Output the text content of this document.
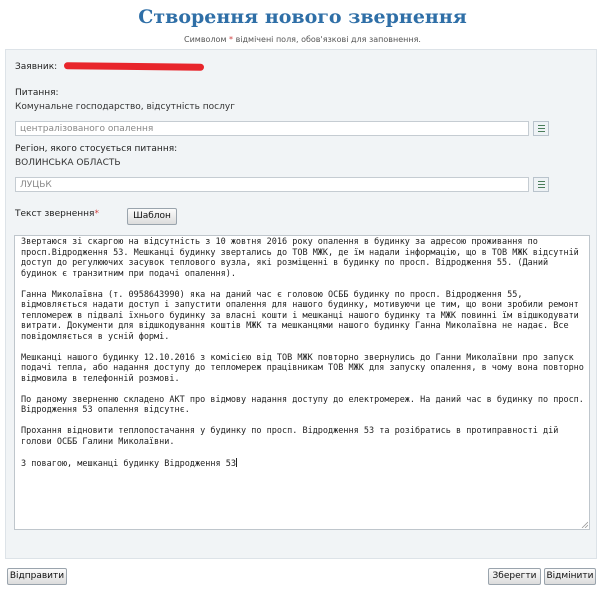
Створення нового звернення
Символом * відмічені поля, обов'язкові для заповнення.
Заявник:
Питання:
Комунальне господарство, відсутність послуг
централізованого опалення
Регіон, якого стосується питання:
ВОЛИНСЬКА ОБЛАСТЬ
ЛУЦЬК
Текст звернення*	Шаблон

Звертаюся зі скаргою на відсутність з 10 жовтня 2016 року опалення в будинку за адресою проживання по просп.Відродження 53. Мешканці будинку звертались до ТОВ МЖК, де їм надали інформацію, що в ТОВ МЖК відсутній доступ до регулюючих засувок теплового вузла, які розміщенні в будинку по просп. Відродження 55. (Даний будинок є транзитним при подачі опалення).

Ганна Миколаївна (т. 0958643990) яка на даний час є головою ОСББ будинку по просп. Відродження 55, відмовляється надати доступ і запустити опалення для нашого будинку, мотивуючи це тим, що вони зробили ремонт тепломереж в підвалі їхнього будинку за власні кошти і мешканці нашого будинку та МЖК повинні їм відшкодувати витрати. Документи для відшкодування коштів МЖК та мешканцями нашого будинку Ганна Миколаївна не надає. Все повідомляється в усній формі.

Мешканці нашого будинку 12.10.2016 з комісією від ТОВ МЖК повторно звернулись до Ганни Миколаївни про запуск подачі тепла, або надання доступу до тепломереж працівникам ТОВ МЖК для запуску опалення, в чому вона повторно відмовила в телефонній розмові.

По даному зверненню складено АКТ про відмову надання доступу до електромереж. На даний час в будинку по просп. Відродження 53 опалення відсутнє.

Прохання відновити теплопостачання у будинку по просп. Відродження 53 та розібратись в протиправності дій голови ОСББ Галини Миколаївни.

З повагою, мешканці будинку Відродження 53

Відправити	Зберегти	Відмінити
